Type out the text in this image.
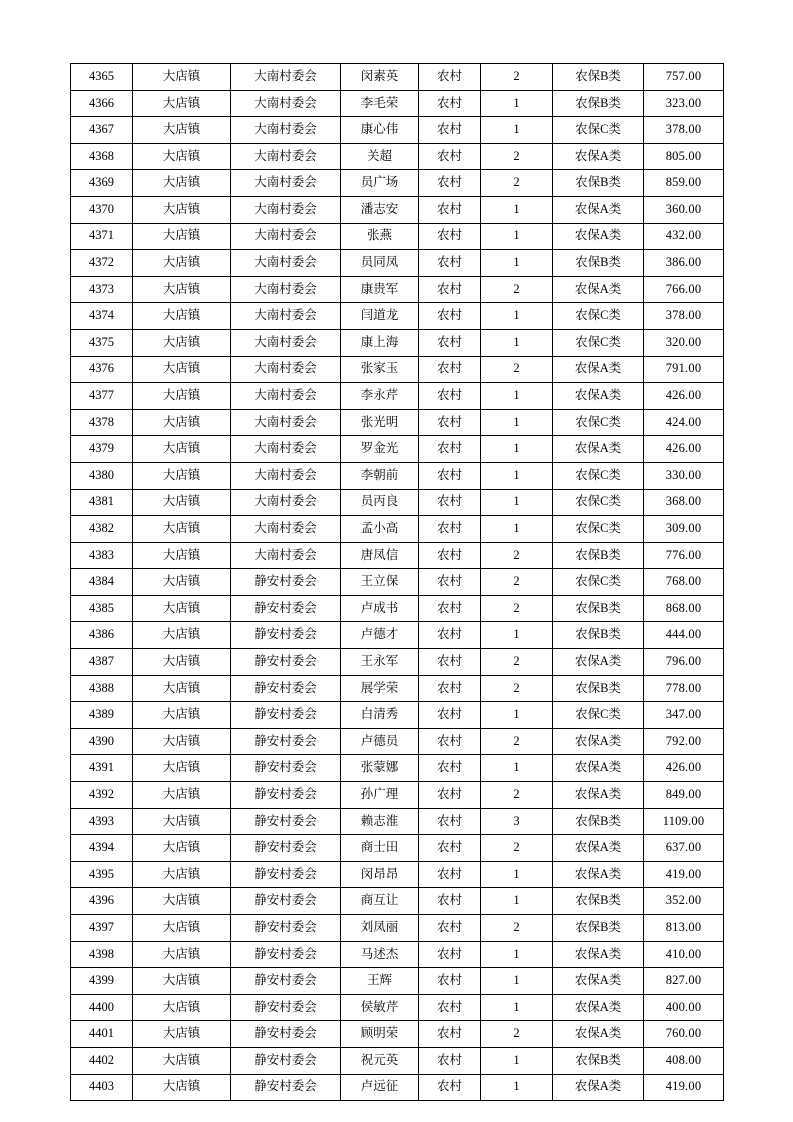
4365	大店镇	大南村委会	闵素英	农村	2	农保B类	757.00
4366	大店镇	大南村委会	李毛荣	农村	1	农保B类	323.00
4367	大店镇	大南村委会	康心伟	农村	1	农保C类	378.00
4368	大店镇	大南村委会	关超	农村	2	农保A类	805.00
4369	大店镇	大南村委会	员广场	农村	2	农保B类	859.00
4370	大店镇	大南村委会	潘志安	农村	1	农保A类	360.00
4371	大店镇	大南村委会	张燕	农村	1	农保A类	432.00
4372	大店镇	大南村委会	员同凤	农村	1	农保B类	386.00
4373	大店镇	大南村委会	康贵军	农村	2	农保A类	766.00
4374	大店镇	大南村委会	闫道龙	农村	1	农保C类	378.00
4375	大店镇	大南村委会	康上海	农村	1	农保C类	320.00
4376	大店镇	大南村委会	张家玉	农村	2	农保A类	791.00
4377	大店镇	大南村委会	李永芹	农村	1	农保A类	426.00
4378	大店镇	大南村委会	张光明	农村	1	农保C类	424.00
4379	大店镇	大南村委会	罗金光	农村	1	农保A类	426.00
4380	大店镇	大南村委会	李朝前	农村	1	农保C类	330.00
4381	大店镇	大南村委会	员丙良	农村	1	农保C类	368.00
4382	大店镇	大南村委会	孟小高	农村	1	农保C类	309.00
4383	大店镇	大南村委会	唐凤信	农村	2	农保B类	776.00
4384	大店镇	静安村委会	王立保	农村	2	农保C类	768.00
4385	大店镇	静安村委会	卢成书	农村	2	农保B类	868.00
4386	大店镇	静安村委会	卢德才	农村	1	农保B类	444.00
4387	大店镇	静安村委会	王永军	农村	2	农保A类	796.00
4388	大店镇	静安村委会	展学荣	农村	2	农保B类	778.00
4389	大店镇	静安村委会	白清秀	农村	1	农保C类	347.00
4390	大店镇	静安村委会	卢德员	农村	2	农保A类	792.00
4391	大店镇	静安村委会	张蒙娜	农村	1	农保A类	426.00
4392	大店镇	静安村委会	孙广理	农村	2	农保A类	849.00
4393	大店镇	静安村委会	赖志淮	农村	3	农保B类	1109.00
4394	大店镇	静安村委会	商士田	农村	2	农保A类	637.00
4395	大店镇	静安村委会	闵昂昂	农村	1	农保A类	419.00
4396	大店镇	静安村委会	商互让	农村	1	农保B类	352.00
4397	大店镇	静安村委会	刘凤丽	农村	2	农保B类	813.00
4398	大店镇	静安村委会	马述杰	农村	1	农保A类	410.00
4399	大店镇	静安村委会	王辉	农村	1	农保A类	827.00
4400	大店镇	静安村委会	侯敏芹	农村	1	农保A类	400.00
4401	大店镇	静安村委会	顾明荣	农村	2	农保A类	760.00
4402	大店镇	静安村委会	祝元英	农村	1	农保B类	408.00
4403	大店镇	静安村委会	卢远征	农村	1	农保A类	419.00
